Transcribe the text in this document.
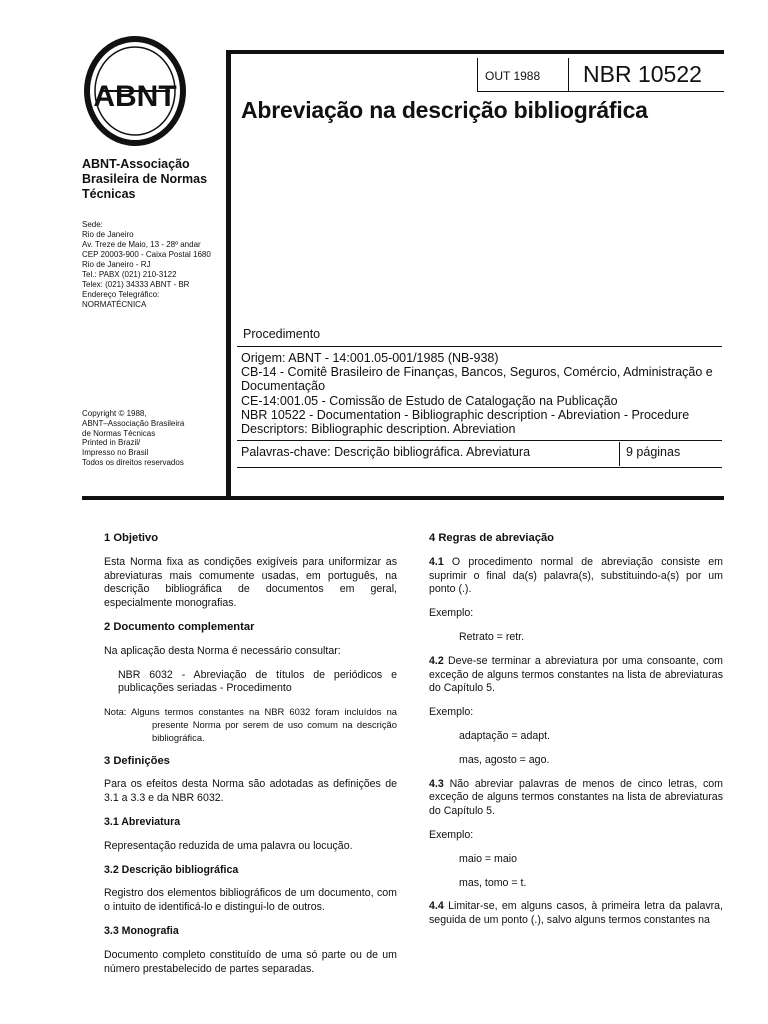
ABNT
OUT 1988 NBR 10522
Abreviação na descrição bibliográfica
ABNT-Associação Brasileira de Normas Técnicas
Sede:
Rio de Janeiro
Av. Treze de Maio, 13 - 28º andar
CEP 20003-900 - Caixa Postal 1680
Rio de Janeiro - RJ
Tel.: PABX (021) 210-3122
Telex: (021) 34333 ABNT - BR
Endereço Telegráfico:
NORMATÉCNICA
Copyright © 1988,
ABNT–Associação Brasileira
de Normas Técnicas
Printed in Brazil/
Impresso no Brasil
Todos os direitos reservados
Procedimento
Origem: ABNT - 14:001.05-001/1985 (NB-938)
CB-14 - Comitê Brasileiro de Finanças, Bancos, Seguros, Comércio, Administração e Documentação
CE-14:001.05 - Comissão de Estudo de Catalogação na Publicação
NBR 10522 - Documentation - Bibliographic description - Abreviation - Procedure
Descriptors: Bibliographic description. Abreviation
Palavras-chave: Descrição bibliográfica. Abreviatura	9 páginas
1 Objetivo

Esta Norma fixa as condições exigíveis para uniformizar as abreviaturas mais comumente usadas, em português, na descrição bibliográfica de documentos em geral, especialmente monografias.

2 Documento complementar

Na aplicação desta Norma é necessário consultar:

NBR 6032 - Abreviação de títulos de periódicos e publicações seriadas - Procedimento

Nota: Alguns termos constantes na NBR 6032 foram incluídos na presente Norma por serem de uso comum na descrição bibliográfica.

3 Definições

Para os efeitos desta Norma são adotadas as definições de 3.1 a 3.3 e da NBR 6032.

3.1 Abreviatura

Representação reduzida de uma palavra ou locução.

3.2 Descrição bibliográfica

Registro dos elementos bibliográficos de um documento, com o intuito de identificá-lo e distingui-lo de outros.

3.3 Monografia

Documento completo constituído de uma só parte ou de um número prestabelecido de partes separadas.

4 Regras de abreviação

4.1 O procedimento normal de abreviação consiste em suprimir o final da(s) palavra(s), substituindo-a(s) por um ponto (.).

Exemplo:

Retrato = retr.

4.2 Deve-se terminar a abreviatura por uma consoante, com exceção de alguns termos constantes na lista de abreviaturas do Capítulo 5.

Exemplo:

adaptação = adapt.

mas, agosto = ago.

4.3 Não abreviar palavras de menos de cinco letras, com exceção de alguns termos constantes na lista de abreviaturas do Capítulo 5.

Exemplo:

maio = maio

mas, tomo = t.

4.4 Limitar-se, em alguns casos, à primeira letra da palavra, seguida de um ponto (.), salvo alguns termos constantes na
